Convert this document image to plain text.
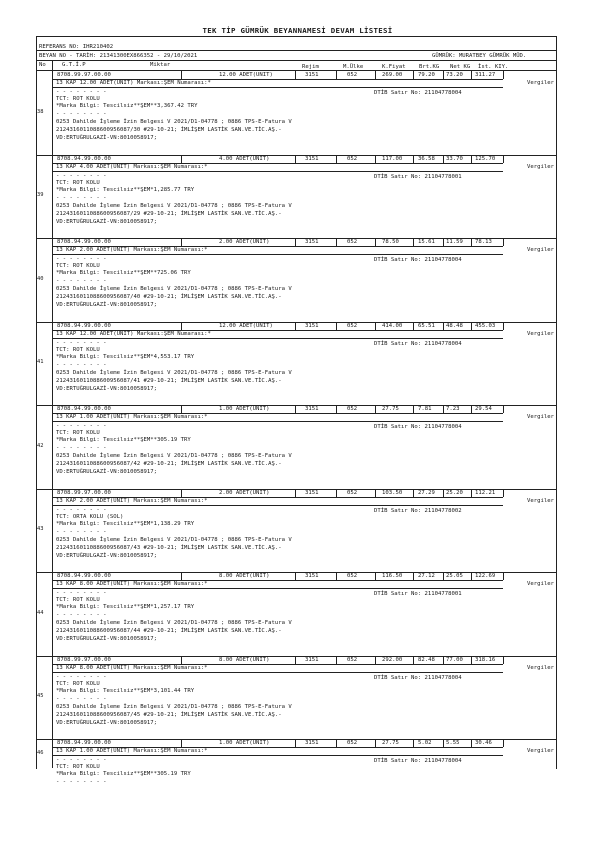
TEK TİP GÜMRÜK BEYANNAMESİ DEVAM LİSTESİ
REFERANS NO: IHR210402
BEYAN NO - TARİH: 21341300EX866352 - 29/10/2021	GÜMRÜK: MURATBEY GÜMRÜK MÜD.
No	G.T.İ.P	Miktar	Rejim	M.Ülke	K.Fiyat Brt.KG Net KG İst. KIY.
38
8708.99.97.00.00	12.00 ADET(UNIT)	3151	052	269.00	79.20 73.20 311.27
Vergiler
13 KAP 12.00 ADET(UNIT) Markası:ŞEM Numarası:*
- - - - - - - -
TCT: ROT KOLU
DTİB Satır No: 21104778004
*Marka Bilgi: Tescilsiz**ŞEM**3,367.42 TRY
- - - - - - - -
0253 Dahilde İşleme İzin Belgesi V 2021/D1-04778 ; 0886 TPS-E-Fatura V
2124316011088600956087/30 #29-10-21; İMLİŞEM LASTİK SAN.VE.TİC.AŞ.-
VD:ERTUĞRULGAZİ-VN:8010058917;
39
8708.94.99.00.00	4.00 ADET(UNIT)	3151	052	117.00	36.58 33.70 125.70
Vergiler
13 KAP 4.00 ADET(UNIT) Markası:ŞEM Numarası:*
- - - - - - - -
TCT: ROT KOLU
DTİB Satır No: 21104778001
*Marka Bilgi: Tescilsiz**ŞEM*1,285.77 TRY
- - - - - - - -
0253 Dahilde İşleme İzin Belgesi V 2021/D1-04778 ; 0886 TPS-E-Fatura V
2124316011088600956087/29 #29-10-21; İMLİŞEM LASTİK SAN.VE.TİC.AŞ.-
VD:ERTUĞRULGAZİ-VN:8010058917;
40
8708.94.99.00.00	2.00 ADET(UNIT)	3151	052	78.50	15.61 11.59 78.13
Vergiler
13 KAP 2.00 ADET(UNIT) Markası:ŞEM Numarası:*
- - - - - - - -
TCT: ROT KOLU
DTİB Satır No: 21104778004
*Marka Bilgi: Tescilsiz**ŞEM**725.06 TRY
- - - - - - - -
0253 Dahilde İşleme İzin Belgesi V 2021/D1-04778 ; 0886 TPS-E-Fatura V
2124316011088600956087/40 #29-10-21; İMLİŞEM LASTİK SAN.VE.TİC.AŞ.-
VD:ERTUĞRULGAZİ-VN:8010058917;
41
8708.94.99.00.00	12.00 ADET(UNIT)	3151	052	414.00	65.51 48.48 455.03
Vergiler
13 KAP 12.00 ADET(UNIT) Markası:ŞEM Numarası:*
- - - - - - - -
TCT: ROT KOLU
DTİB Satır No: 21104778004
*Marka Bilgi: Tescilsiz**ŞEM*4,553.17 TRY
- - - - - - - -
0253 Dahilde İşleme İzin Belgesi V 2021/D1-04778 ; 0886 TPS-E-Fatura V
2124316011088600956087/41 #29-10-21; İMLİŞEM LASTİK SAN.VE.TİC.AŞ.-
VD:ERTUĞRULGAZİ-VN:8010058917;
42
8708.94.99.00.00	1.00 ADET(UNIT)	3151	052	27.75	7.81	7.23	29.54
Vergiler
13 KAP 1.00 ADET(UNIT) Markası:ŞEM Numarası:*
- - - - - - - -
TCT: ROT KOLU
DTİB Satır No: 21104778004
*Marka Bilgi: Tescilsiz**ŞEM**305.19 TRY
- - - - - - - -
0253 Dahilde İşleme İzin Belgesi V 2021/D1-04778 ; 0886 TPS-E-Fatura V
2124316011088600956087/42 #29-10-21; İMLİŞEM LASTİK SAN.VE.TİC.AŞ.-
VD:ERTUĞRULGAZİ-VN:8010058917;
43
8708.99.97.00.00	2.00 ADET(UNIT)	3151	052	103.50	27.29 25.20 112.21
Vergiler
13 KAP 2.00 ADET(UNIT) Markası:ŞEM Numarası:*
- - - - - - - -
TCT: ORTA KOLU (SOL)
DTİB Satır No: 21104778002
*Marka Bilgi: Tescilsiz**ŞEM*1,138.29 TRY
- - - - - - - -
0253 Dahilde İşleme İzin Belgesi V 2021/D1-04778 ; 0886 TPS-E-Fatura V
2124316011088600956087/43 #29-10-21; İMLİŞEM LASTİK SAN.VE.TİC.AŞ.-
VD:ERTUĞRULGAZİ-VN:8010058917;
44
8708.94.99.00.00	8.00 ADET(UNIT)	3151	052	116.50	27.12 25.05 122.69
Vergiler
13 KAP 8.00 ADET(UNIT) Markası:ŞEM Numarası:*
- - - - - - - -
TCT: ROT KOLU
DTİB Satır No: 21104778001
*Marka Bilgi: Tescilsiz**ŞEM*1,257.17 TRY
- - - - - - - -
0253 Dahilde İşleme İzin Belgesi V 2021/D1-04778 ; 0886 TPS-E-Fatura V
2124316011088600956087/44 #29-10-21; İMLİŞEM LASTİK SAN.VE.TİC.AŞ.-
VD:ERTUĞRULGAZİ-VN:8010058917;
45
8708.99.97.00.00	8.00 ADET(UNIT)	3151	052	292.00	82.48 77.00 318.16
Vergiler
13 KAP 8.00 ADET(UNIT) Markası:ŞEM Numarası:*
- - - - - - - -
TCT: ROT KOLU
DTİB Satır No: 21104778004
*Marka Bilgi: Tescilsiz**ŞEM*3,101.44 TRY
- - - - - - - -
0253 Dahilde İşleme İzin Belgesi V 2021/D1-04778 ; 0886 TPS-E-Fatura V
2124316011088600956087/45 #29-10-21; İMLİŞEM LASTİK SAN.VE.TİC.AŞ.-
VD:ERTUĞRULGAZİ-VN:8010058917;
46
8708.94.99.00.00	1.00 ADET(UNIT)	3151	052	27.75	5.02	5.55	30.46
Vergiler
13 KAP 1.00 ADET(UNIT) Markası:ŞEM Numarası:*
- - - - - - - -
TCT: ROT KOLU
DTİB Satır No: 21104778004
*Marka Bilgi: Tescilsiz**ŞEM**305.19 TRY
- - - - - - - -
